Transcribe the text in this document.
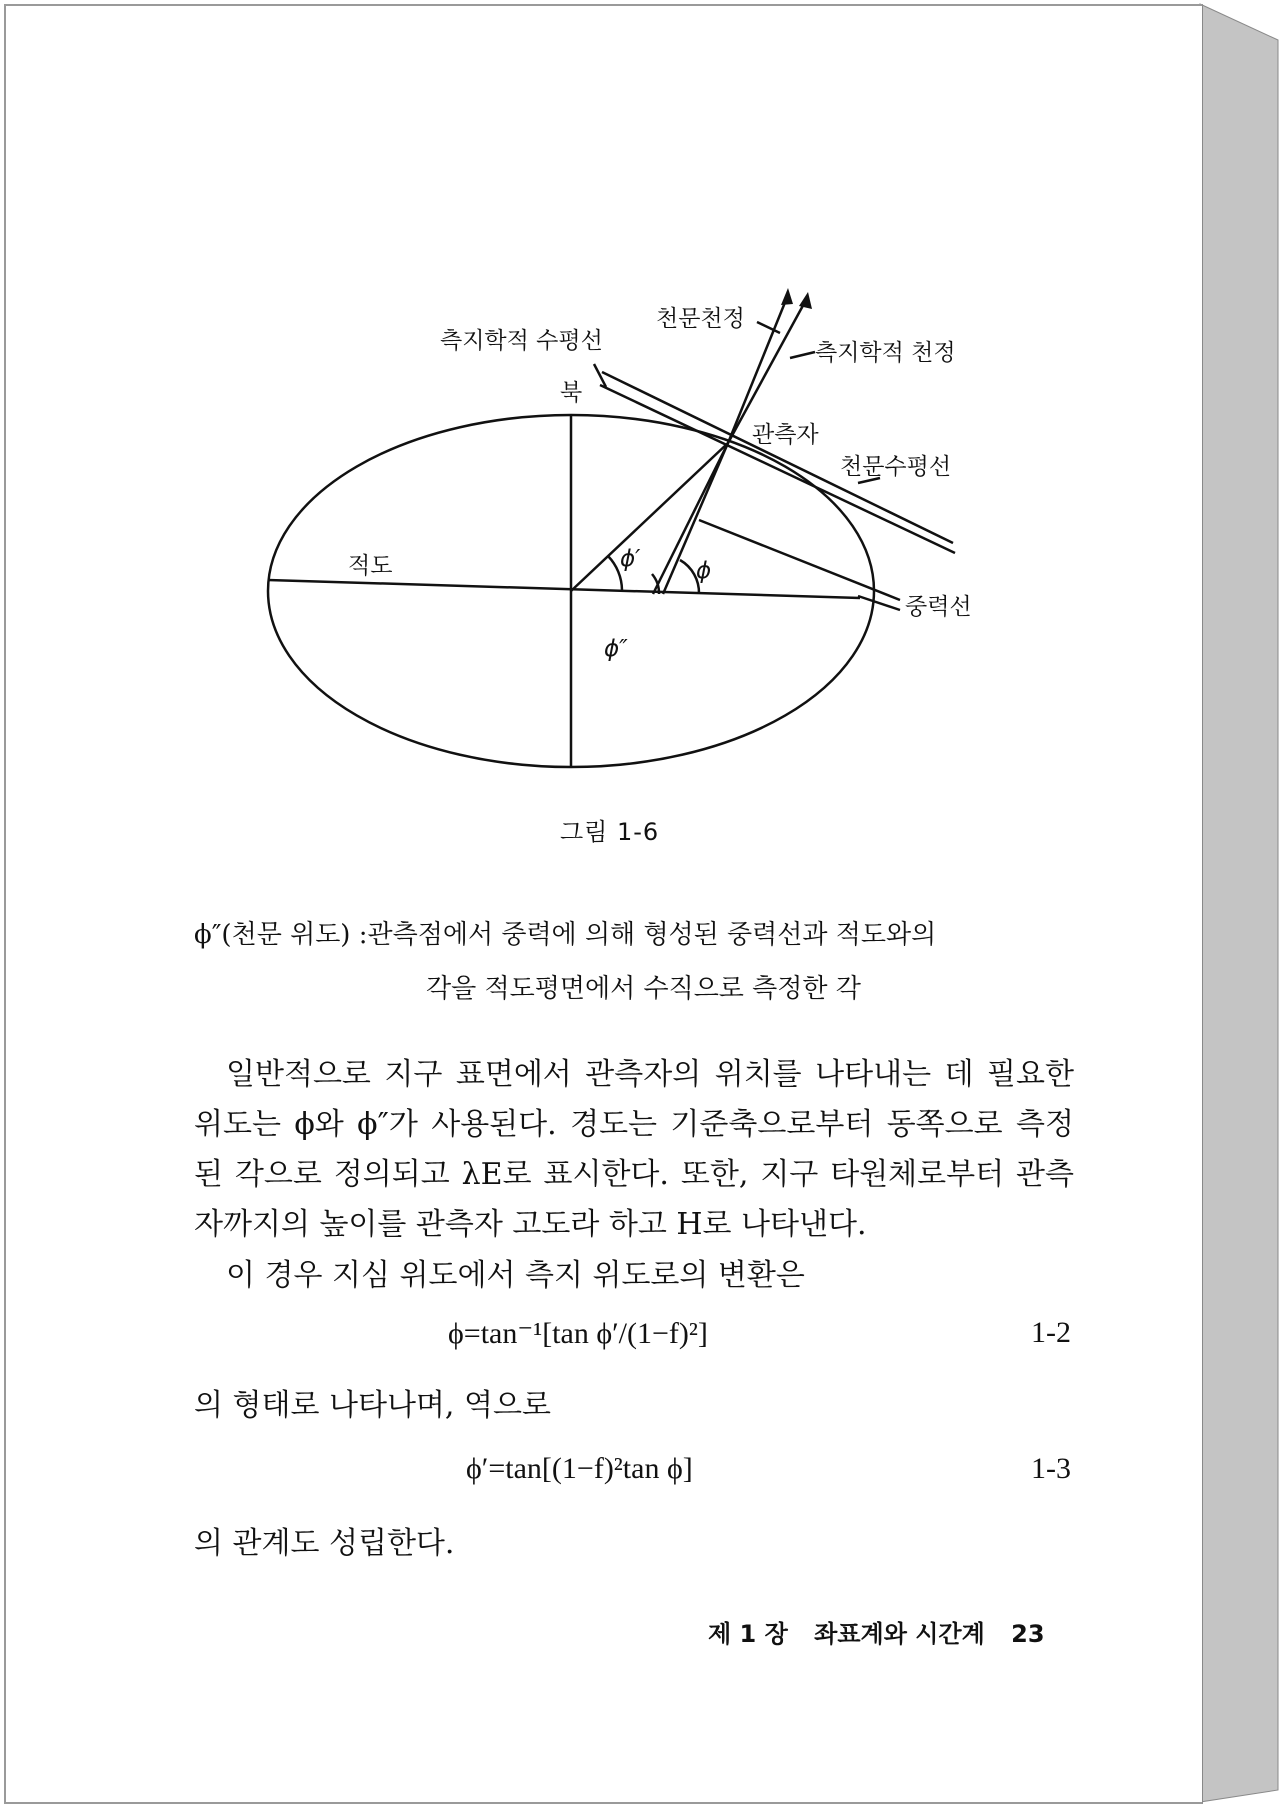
측지학적 수평선
천문천정
측지학적 천정
북
관측자
천문수평선
적도	ϕ′ ϕ
ϕ″
중력선
그림 1-6
ϕ″(천문 위도) :관측점에서 중력에 의해 형성된 중력선과 적도와의
각을 적도평면에서 수직으로 측정한 각
일반적으로 지구 표면에서 관측자의 위치를 나타내는 데 필요한 위도는 ϕ와 ϕ″가 사용된다. 경도는 기준축으로부터 동쪽으로 측정된 각으로 정의되고 λE로 표시한다. 또한, 지구 타원체로부터 관측자까지의 높이를 관측자 고도라 하고 H로 나타낸다.
이 경우 지심 위도에서 측지 위도로의 변환은
ϕ=tan⁻¹[tan ϕ′/(1−f)²]	1-2
의 형태로 나타나며, 역으로
ϕ′=tan[(1−f)²tan ϕ]	1-3
의 관계도 성립한다.
제 1 장 좌표계와 시간계 23
